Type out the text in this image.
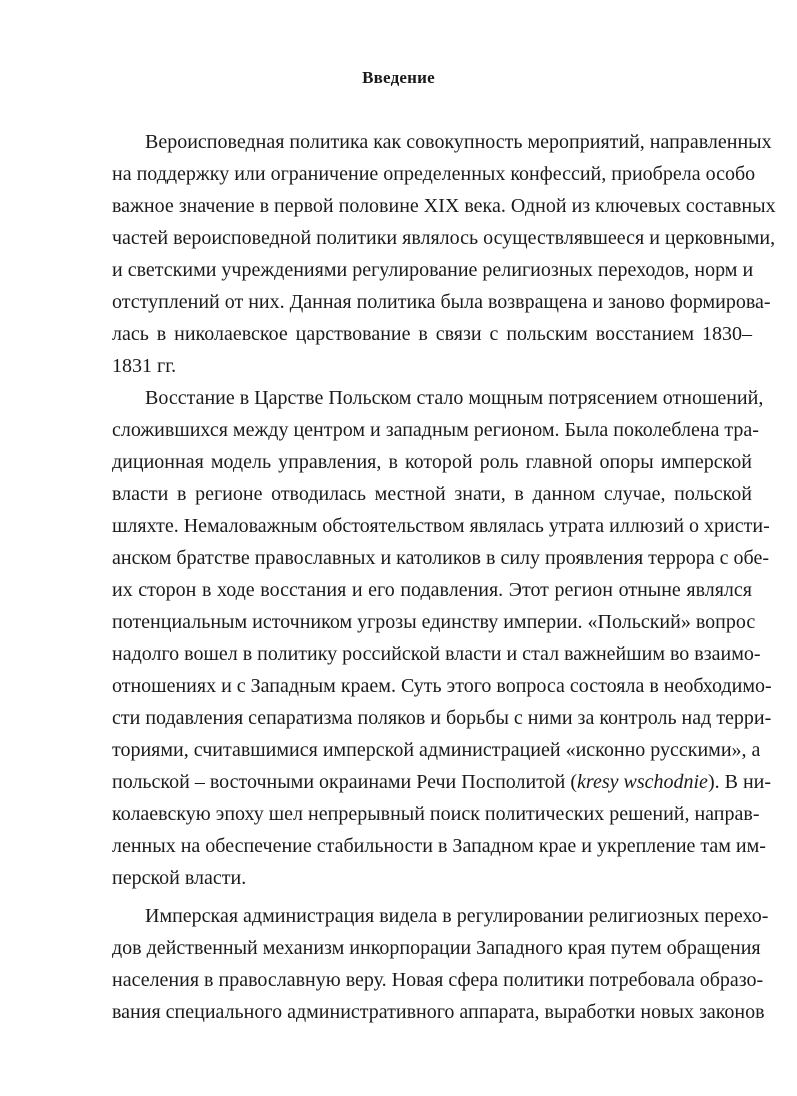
Введение

Вероисповедная политика как совокупность мероприятий, направленных

на поддержку или ограничение определенных конфессий, приобрела особо

важное значение в первой половине XIX века. Одной из ключевых составных

частей вероисповедной политики являлось осуществлявшееся и церковными,

и светскими учреждениями регулирование религиозных переходов, норм и

отступлений от них. Данная политика была возвращена и заново формирова-

лась в николаевское царствование в связи с польским восстанием 1830–

1831 гг.

Восстание в Царстве Польском стало мощным потрясением отношений,

сложившихся между центром и западным регионом. Была поколеблена тра-

диционная модель управления, в которой роль главной опоры имперской

власти в регионе отводилась местной знати, в данном случае, польской

шляхте. Немаловажным обстоятельством являлась утрата иллюзий о христи-

анском братстве православных и католиков в силу проявления террора с обе-

их сторон в ходе восстания и его подавления. Этот регион отныне являлся

потенциальным источником угрозы единству империи. «Польский» вопрос

надолго вошел в политику российской власти и стал важнейшим во взаимо-

отношениях и с Западным краем. Суть этого вопроса состояла в необходимо-

сти подавления сепаратизма поляков и борьбы с ними за контроль над терри-

ториями, считавшимися имперской администрацией «исконно русскими», а

польской – восточными окраинами Речи Посполитой (kresy wschodnie). В ни-

колаевскую эпоху шел непрерывный поиск политических решений, направ-

ленных на обеспечение стабильности в Западном крае и укрепление там им-

перской власти.

Имперская администрация видела в регулировании религиозных перехо-

дов действенный механизм инкорпорации Западного края путем обращения

населения в православную веру. Новая сфера политики потребовала образо-

вания специального административного аппарата, выработки новых законов
